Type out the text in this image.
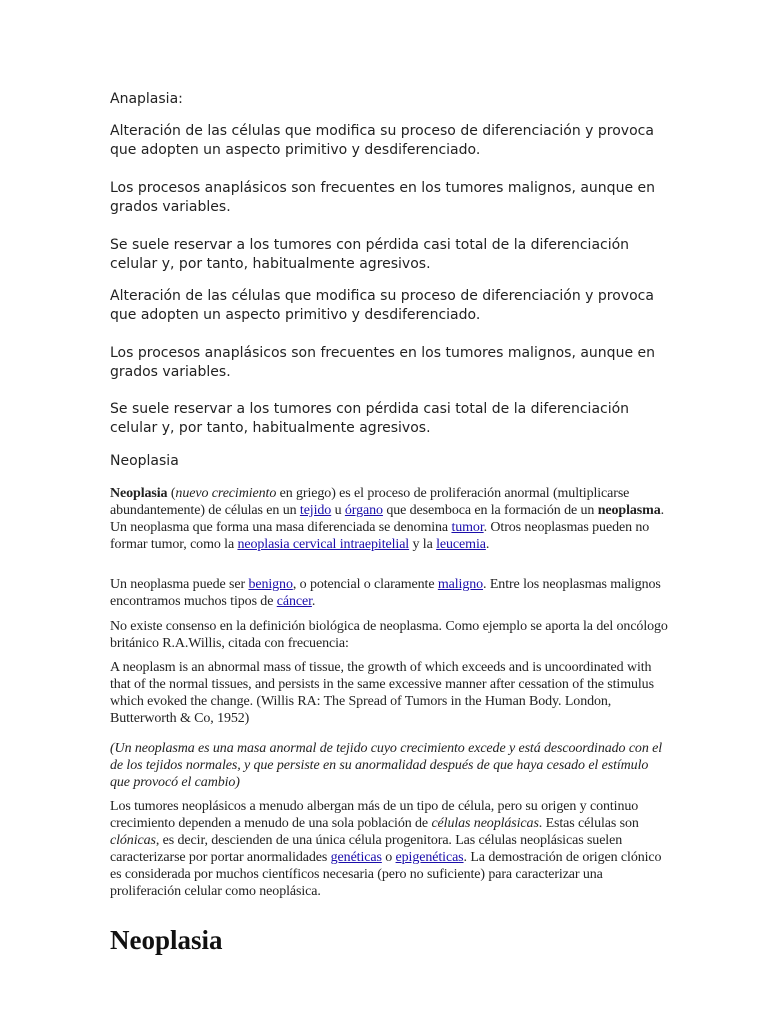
Anaplasia:

Alteración de las células que modifica su proceso de diferenciación y provoca que adopten un aspecto primitivo y desdiferenciado.

Los procesos anaplásicos son frecuentes en los tumores malignos, aunque en grados variables.

Se suele reservar a los tumores con pérdida casi total de la diferenciación celular y, por tanto, habitualmente agresivos.

Alteración de las células que modifica su proceso de diferenciación y provoca que adopten un aspecto primitivo y desdiferenciado.

Los procesos anaplásicos son frecuentes en los tumores malignos, aunque en grados variables.

Se suele reservar a los tumores con pérdida casi total de la diferenciación celular y, por tanto, habitualmente agresivos.

Neoplasia

Neoplasia (nuevo crecimiento en griego) es el proceso de proliferación anormal (multiplicarse abundantemente) de células en un tejido u órgano que desemboca en la formación de un neoplasma. Un neoplasma que forma una masa diferenciada se denomina tumor. Otros neoplasmas pueden no formar tumor, como la neoplasia cervical intraepitelial y la leucemia.

Un neoplasma puede ser benigno, o potencial o claramente maligno. Entre los neoplasmas malignos encontramos muchos tipos de cáncer.

No existe consenso en la definición biológica de neoplasma. Como ejemplo se aporta la del oncólogo británico R.A.Willis, citada con frecuencia:

A neoplasm is an abnormal mass of tissue, the growth of which exceeds and is uncoordinated with that of the normal tissues, and persists in the same excessive manner after cessation of the stimulus which evoked the change. (Willis RA: The Spread of Tumors in the Human Body. London, Butterworth & Co, 1952)

(Un neoplasma es una masa anormal de tejido cuyo crecimiento excede y está descoordinado con el de los tejidos normales, y que persiste en su anormalidad después de que haya cesado el estímulo que provocó el cambio)

Los tumores neoplásicos a menudo albergan más de un tipo de célula, pero su origen y continuo crecimiento dependen a menudo de una sola población de células neoplásicas. Estas células son clónicas, es decir, descienden de una única célula progenitora. Las células neoplásicas suelen caracterizarse por portar anormalidades genéticas o epigenéticas. La demostración de origen clónico es considerada por muchos científicos necesaria (pero no suficiente) para caracterizar una proliferación celular como neoplásica.

Neoplasia
